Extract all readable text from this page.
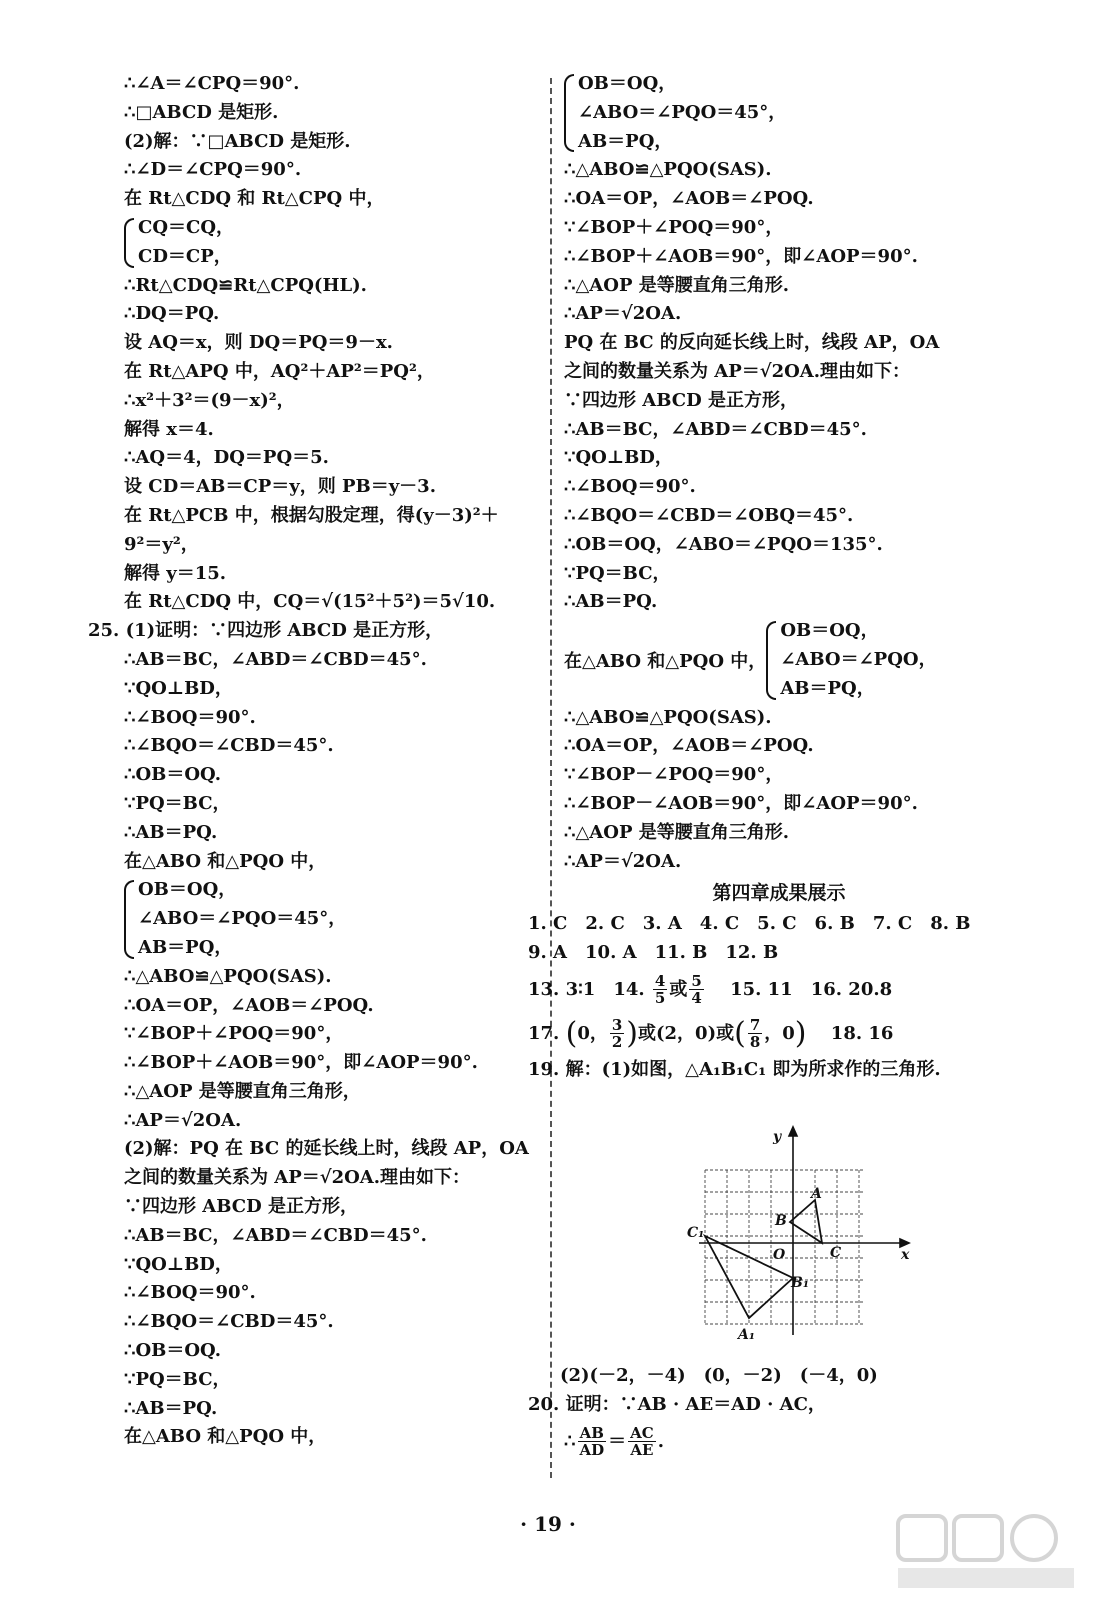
∴∠A＝∠CPQ＝90°.
∴□ABCD 是矩形.
(2)解：∵□ABCD 是矩形.
∴∠D＝∠CPQ＝90°.
在 Rt△CDQ 和 Rt△CPQ 中，
CQ＝CQ，
CD＝CP，
∴Rt△CDQ≌Rt△CPQ(HL).
∴DQ＝PQ.
设 AQ＝x，则 DQ＝PQ＝9－x.
在 Rt△APQ 中，AQ²＋AP²＝PQ²，
∴x²＋3²＝(9－x)²，
解得 x＝4.
∴AQ＝4，DQ＝PQ＝5.
设 CD＝AB＝CP＝y，则 PB＝y－3.
在 Rt△PCB 中，根据勾股定理，得(y－3)²＋
9²＝y²，
解得 y＝15.
在 Rt△CDQ 中，CQ＝√(15²＋5²)＝5√10.
25. (1)证明：∵四边形 ABCD 是正方形，
∴AB＝BC，∠ABD＝∠CBD＝45°.
∵QO⊥BD，
∴∠BOQ＝90°.
∴∠BQO＝∠CBD＝45°.
∴OB＝OQ.
∵PQ＝BC，
∴AB＝PQ.
在△ABO 和△PQO 中，
OB＝OQ，
∠ABO＝∠PQO＝45°，
AB＝PQ，
∴△ABO≌△PQO(SAS).
∴OA＝OP，∠AOB＝∠POQ.
∵∠BOP＋∠POQ＝90°，
∴∠BOP＋∠AOB＝90°，即∠AOP＝90°.
∴△AOP 是等腰直角三角形，
∴AP＝√2OA.
(2)解：PQ 在 BC 的延长线上时，线段 AP，OA
之间的数量关系为 AP＝√2OA.理由如下：
∵四边形 ABCD 是正方形，
∴AB＝BC，∠ABD＝∠CBD＝45°.
∵QO⊥BD，
∴∠BOQ＝90°.
∴∠BQO＝∠CBD＝45°.
∴OB＝OQ.
∵PQ＝BC，
∴AB＝PQ.
在△ABO 和△PQO 中，
OB＝OQ，
∠ABO＝∠PQO＝45°，
AB＝PQ，
∴△ABO≌△PQO(SAS).
∴OA＝OP，∠AOB＝∠POQ.
∵∠BOP＋∠POQ＝90°，
∴∠BOP＋∠AOB＝90°，即∠AOP＝90°.
∴△AOP 是等腰直角三角形.
∴AP＝√2OA.
PQ 在 BC 的反向延长线上时，线段 AP，OA
之间的数量关系为 AP＝√2OA.理由如下：
∵四边形 ABCD 是正方形，
∴AB＝BC，∠ABD＝∠CBD＝45°.
∵QO⊥BD，
∴∠BOQ＝90°.
∴∠BQO＝∠CBD＝∠OBQ＝45°.
∴OB＝OQ，∠ABO＝∠PQO＝135°.
∵PQ＝BC，
∴AB＝PQ.
在△ABO 和△PQO 中，
OB＝OQ，
∠ABO＝∠PQO，
AB＝PQ，
∴△ABO≌△PQO(SAS).
∴OA＝OP，∠AOB＝∠POQ.
∵∠BOP－∠POQ＝90°，
∴∠BOP－∠AOB＝90°，即∠AOP＝90°.
∴△AOP 是等腰直角三角形.
∴AP＝√2OA.
第四章成果展示
1. C　2. C　3. A　4. C　5. C　6. B　7. C　8. B
9. A　10. A　11. B　12. B
13. 3∶1　14. $\frac{4}{5}$ 或 $\frac{5}{4}$ 　15. 11　16. 20.8
17. (0， $\frac{3}{2}$ )或(2，0)或( $\frac{7}{8}$ ，0) 　18. 16
19. 解：(1)如图，△A₁B₁C₁ 即为所求作的三角形.
y
x
O
A
B
C
C₁
A₁
B₁
(2)(－2，－4)　(0，－2)　(－4，0)
20. 证明：∵AB · AE＝AD · AC，
∴ $\frac{AB}{AD} = \frac{AC}{AE}$ .
· 19 ·
